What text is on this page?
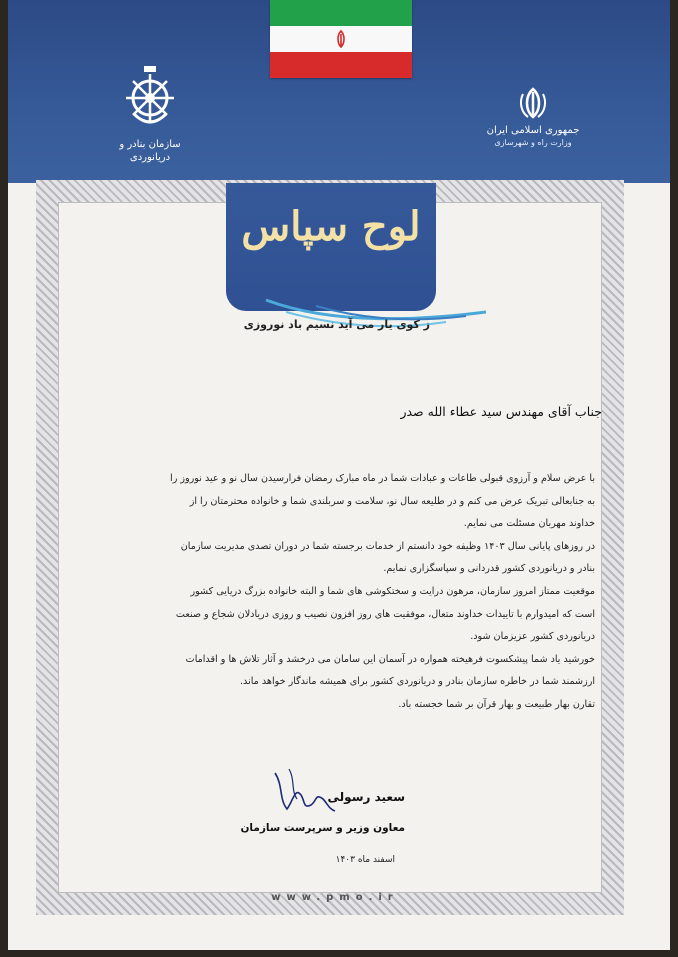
سازمان بنادر و دریانوردی
جمهوری اسلامی ایران
وزارت راه و شهرسازی
لوح سپاس
ز کوی یار می آید نسیم باد نوروزی
جناب آقای مهندس سید عطاء الله صدر

با عرض سلام و آرزوی قبولی طاعات و عبادات شما در ماه مبارک رمضان فرارسیدن سال نو و عید نوروز را

به جنابعالی تبریک عرض می کنم و در طلیعه سال نو، سلامت و سربلندی شما و خانواده محترمتان را از

خداوند مهربان مسئلت می نمایم.

در روزهای پایانی سال ۱۴۰۳ وظیفه خود دانستم از خدمات برجسته شما در دوران تصدی مدیریت سازمان

بنادر و دریانوردی کشور قدردانی و سپاسگزاری نمایم.

موقعیت ممتاز امروز سازمان، مرهون درایت و سختکوشی های شما و البته خانواده بزرگ دریایی کشور

است که امیدوارم با تاییدات خداوند متعال، موفقیت های روز افزون نصیب و روزی دریادلان شجاع و صنعت

دریانوردی کشور عزیزمان شود.

خورشید یاد شما پیشکسوت فرهیخته همواره در آسمان این سامان می درخشد و آثار تلاش ها و اقدامات

ارزشمند شما در خاطره سازمان بنادر و دریانوردی کشور برای همیشه ماندگار خواهد ماند.

تقارن بهار طبیعت و بهار قرآن بر شما خجسته باد.

سعید رسولی
معاون وزیر و سرپرست سازمان
اسفند ماه ۱۴۰۳
www.pmo.ir
